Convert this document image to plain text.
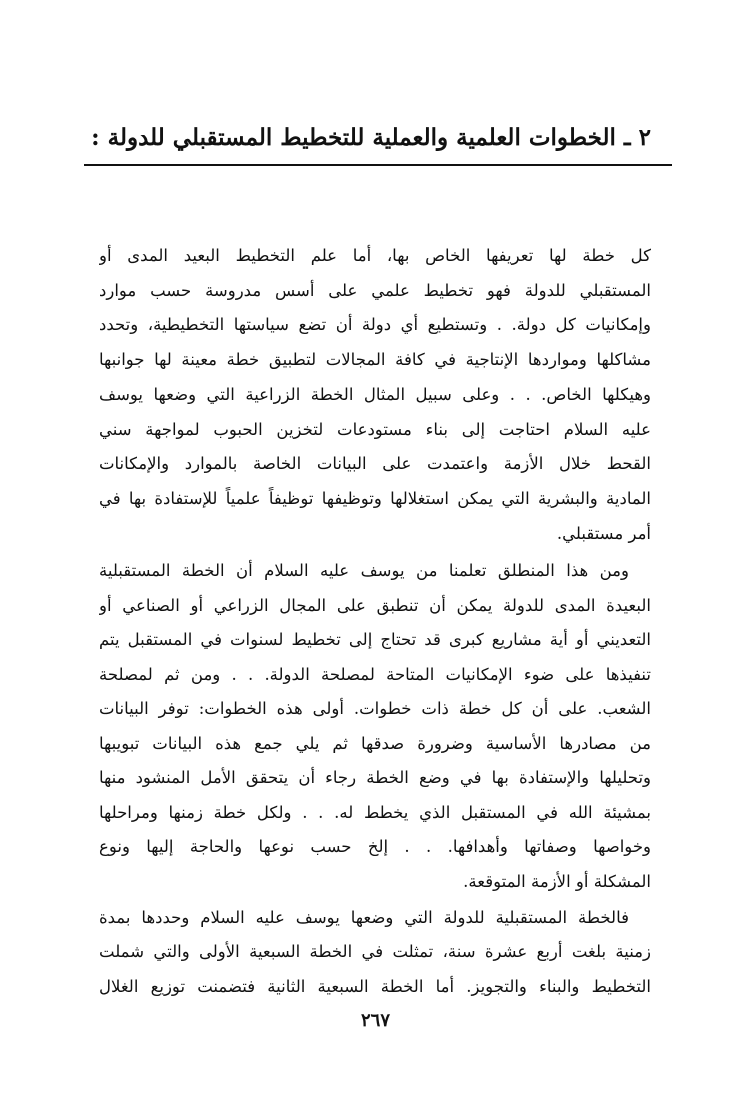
٢ ـ الخطوات العلمية والعملية للتخطيط المستقبلي للدولة :
كل خطة لها تعريفها الخاص بها، أما علم التخطيط البعيد المدى أو
المستقبلي للدولة فهو تخطيط علمي على أسس مدروسة حسب موارد
وإمكانيات كل دولة. . وتستطيع أي دولة أن تضع سياستها التخطيطية، وتحدد
مشاكلها ومواردها الإنتاجية في كافة المجالات لتطبيق خطة معينة لها جوانبها
وهيكلها الخاص. . . وعلى سبيل المثال الخطة الزراعية التي وضعها يوسف
عليه السلام احتاجت إلى بناء مستودعات لتخزين الحبوب لمواجهة سني
القحط خلال الأزمة واعتمدت على البيانات الخاصة بالموارد والإمكانات
المادية والبشرية التي يمكن استغلالها وتوظيفها توظيفاً علمياً للإستفادة بها في
أمر مستقبلي.
ومن هذا المنطلق تعلمنا من يوسف عليه السلام أن الخطة المستقبلية
البعيدة المدى للدولة يمكن أن تنطبق على المجال الزراعي أو الصناعي أو
التعديني أو أية مشاريع كبرى قد تحتاج إلى تخطيط لسنوات في المستقبل يتم
تنفيذها على ضوء الإمكانيات المتاحة لمصلحة الدولة. . . ومن ثم لمصلحة
الشعب. على أن كل خطة ذات خطوات. أولى هذه الخطوات: توفر البيانات
من مصادرها الأساسية وضرورة صدقها ثم يلي جمع هذه البيانات تبويبها
وتحليلها والإستفادة بها في وضع الخطة رجاء أن يتحقق الأمل المنشود منها
بمشيئة الله في المستقبل الذي يخطط له. . . ولكل خطة زمنها ومراحلها
وخواصها وصفاتها وأهدافها. . . إلخ حسب نوعها والحاجة إليها ونوع
المشكلة أو الأزمة المتوقعة.
فالخطة المستقبلية للدولة التي وضعها يوسف عليه السلام وحددها بمدة
زمنية بلغت أربع عشرة سنة، تمثلت في الخطة السبعية الأولى والتي شملت
التخطيط والبناء والتجويز. أما الخطة السبعية الثانية فتضمنت توزيع الغلال
٢٦٧
